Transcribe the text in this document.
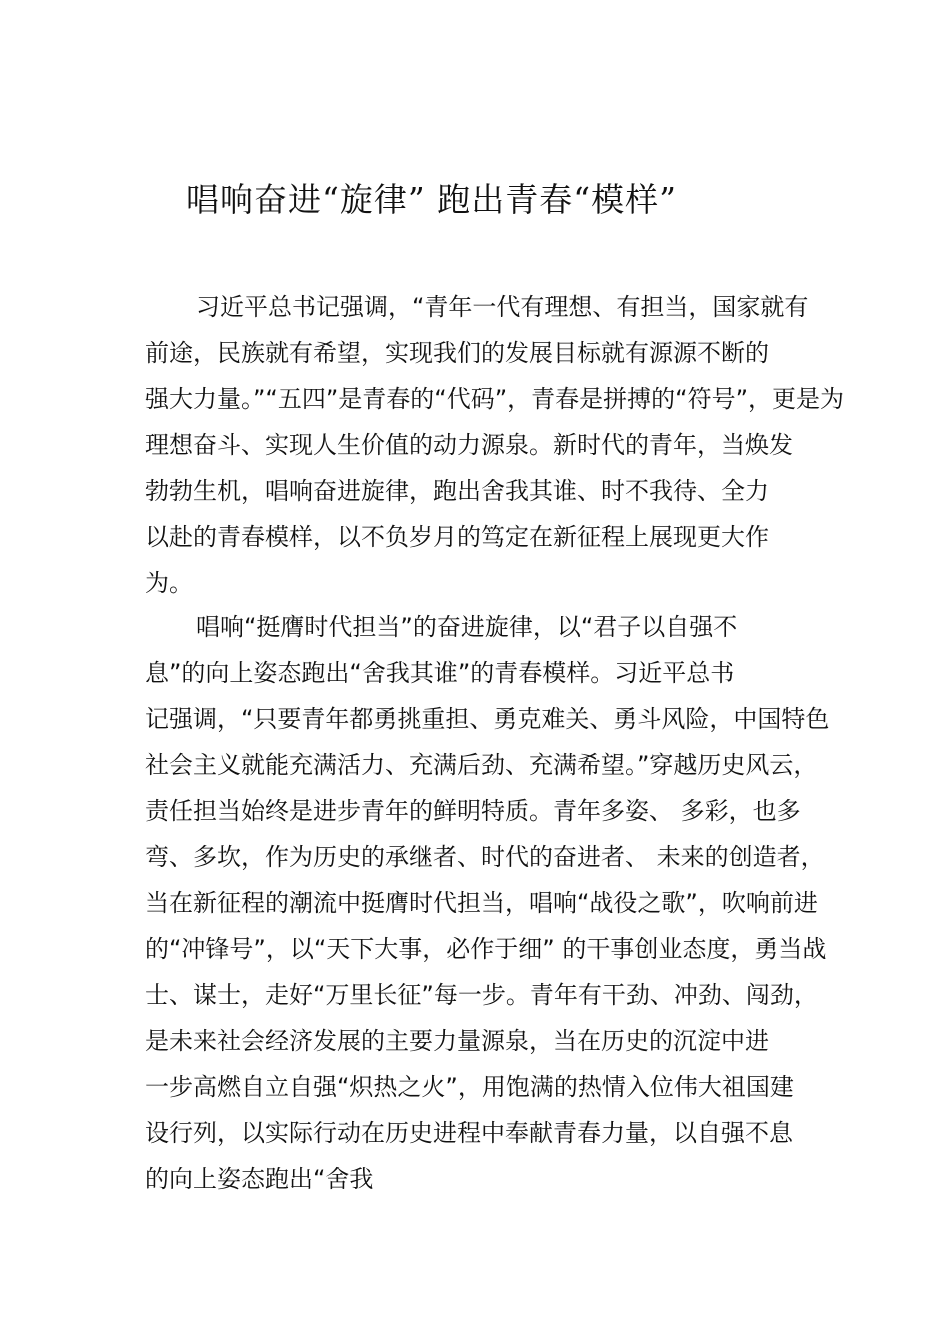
唱响奋进“旋律” 跑出青春“模样”
习近平总书记强调，“青年一代有理想、有担当，国家就有
前途，民族就有希望，实现我们的发展目标就有源源不断的
强大力量。”“五四”是青春的“代码”，青春是拼搏的“符号”，更是为
理想奋斗、实现人生价值的动力源泉。新时代的青年，当焕发
勃勃生机，唱响奋进旋律，跑出舍我其谁、时不我待、全力
以赴的青春模样，以不负岁月的笃定在新征程上展现更大作
为。
唱响“挺膺时代担当”的奋进旋律，以“君子以自强不
息”的向上姿态跑出“舍我其谁”的青春模样。习近平总书
记强调，“只要青年都勇挑重担、勇克难关、勇斗风险，中国特色
社会主义就能充满活力、充满后劲、充满希望。”穿越历史风云，
责任担当始终是进步青年的鲜明特质。青年多姿、 多彩，也多
弯、多坎，作为历史的承继者、时代的奋进者、 未来的创造者，
当在新征程的潮流中挺膺时代担当，唱响“战役之歌”，吹响前进
的“冲锋号”，以“天下大事，必作于细” 的干事创业态度，勇当战
士、谋士，走好“万里长征”每一步。青年有干劲、冲劲、闯劲，
是未来社会经济发展的主要力量源泉，当在历史的沉淀中进
一步高燃自立自强“炽热之火”，用饱满的热情入位伟大祖国建
设行列，以实际行动在历史进程中奉献青春力量，以自强不息
的向上姿态跑出“舍我
